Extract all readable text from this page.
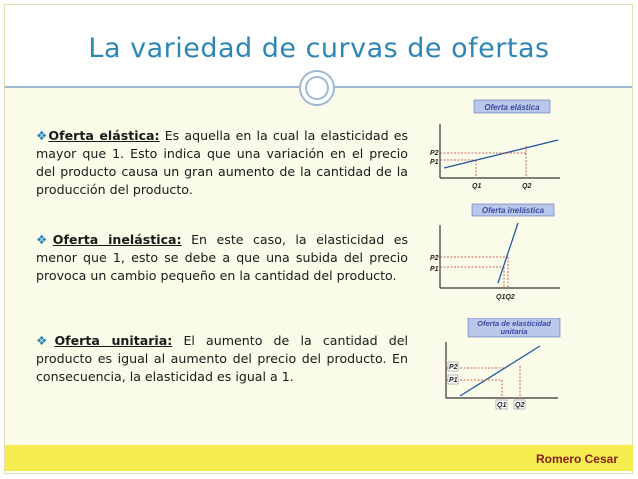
La variedad de curvas de ofertas
❖Oferta elástica: Es aquella en la cual la elasticidad es mayor que 1. Esto indica que una variación en el precio del producto causa un gran aumento de la cantidad de la producción del producto.
❖Oferta inelástica: En este caso, la elasticidad es menor que 1, esto se debe a que una subida del precio provoca un cambio pequeño en la cantidad del producto.
❖Oferta unitaria: El aumento de la cantidad del producto es igual al aumento del precio del producto. En consecuencia, la elasticidad es igual a 1.
Oferta elástica
P2
P1
Q1	Q2
Oferta inelástica
P2
P1
Q1Q2
Oferta de elasticidad
unitaria
P2
P1
Q1 Q2
Romero Cesar
